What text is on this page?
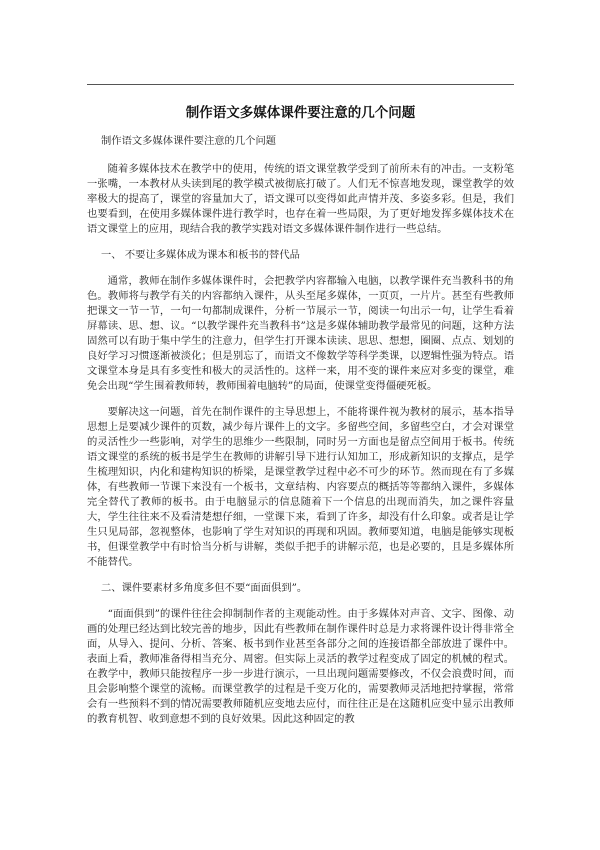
制作语文多媒体课件要注意的几个问题
制作语文多媒体课件要注意的几个问题

随着多媒体技术在教学中的使用，传统的语文课堂教学受到了前所未有的冲击。一支粉笔一张嘴，一本教材从头读到尾的教学模式被彻底打破了。人们无不惊喜地发现，课堂教学的效率极大的提高了，课堂的容量加大了，语文课可以变得如此声情并茂、多姿多彩。但是，我们也要看到，在使用多媒体课件进行教学时，也存在着一些局限，为了更好地发挥多媒体技术在语文课堂上的应用，现结合我的教学实践对语文多媒体课件制作进行一些总结。

一、 不要让多媒体成为课本和板书的替代品

通常，教师在制作多媒体课件时，会把教学内容都输入电脑，以教学课件充当教科书的角色。教师将与教学有关的内容都纳入课件，从头至尾多媒体，一页页，一片片。甚至有些教师把课文一节一节，一句一句都制成课件，分析一节展示一节，阅读一句出示一句，让学生看着屏幕读、思、想、议。“以教学课件充当教科书”这是多媒体辅助教学最常见的问题，这种方法固然可以有助于集中学生的注意力，但学生打开课本读读、思思、想想，圈圈、点点、划划的良好学习习惯逐渐被淡化；但是别忘了，而语文不像数学等科学类课，以逻辑性强为特点。语文课堂本身是具有多变性和极大的灵活性的。这样一来，用不变的课件来应对多变的课堂，难免会出现“学生围着教师转，教师围着电脑转”的局面，使课堂变得僵硬死板。

要解决这一问题，首先在制作课件的主导思想上，不能将课件视为教材的展示，基本指导思想上是要减少课件的页数，减少每片课件上的文字。多留些空间，多留些空白，才会对课堂的灵活性少一些影响，对学生的思维少一些限制，同时另一方面也是留点空间用于板书。传统语文课堂的系统的板书是学生在教师的讲解引导下进行认知加工，形成新知识的支撑点，是学生梳理知识，内化和建构知识的桥梁，是课堂教学过程中必不可少的环节。然而现在有了多媒体，有些教师一节课下来没有一个板书，文章结构、内容要点的概括等等都纳入课件，多媒体完全替代了教师的板书。由于电脑显示的信息随着下一个信息的出现而消失，加之课件容量大，学生往往来不及看清楚想仔细，一堂课下来，看到了许多，却没有什么印象。或者是让学生只见局部，忽视整体，也影响了学生对知识的再现和巩固。教师要知道，电脑是能够实现板书，但课堂教学中有时恰当分析与讲解，类似手把手的讲解示范，也是必要的，且是多媒体所不能替代。

二、课件要素材多角度多但不要“面面俱到”。

“面面俱到”的课件往往会抑制制作者的主观能动性。由于多媒体对声音、文字、图像、动画的处理已经达到比较完善的地步，因此有些教师在制作课件时总是力求将课件设计得非常全面，从导入、提问、分析、答案、板书到作业甚至各部分之间的连接语都全部放进了课件中。表面上看，教师准备得相当充分、周密。但实际上灵活的教学过程变成了固定的机械的程式。在教学中，教师只能按程序一步一步进行演示，一旦出现问题需要修改，不仅会浪费时间，而且会影响整个课堂的流畅。而课堂教学的过程是千变万化的，需要教师灵活地把持掌握，常常会有一些预料不到的情况需要教师随机应变地去应付，而往往正是在这随机应变中显示出教师的教育机智、收到意想不到的良好效果。因此这种固定的教
